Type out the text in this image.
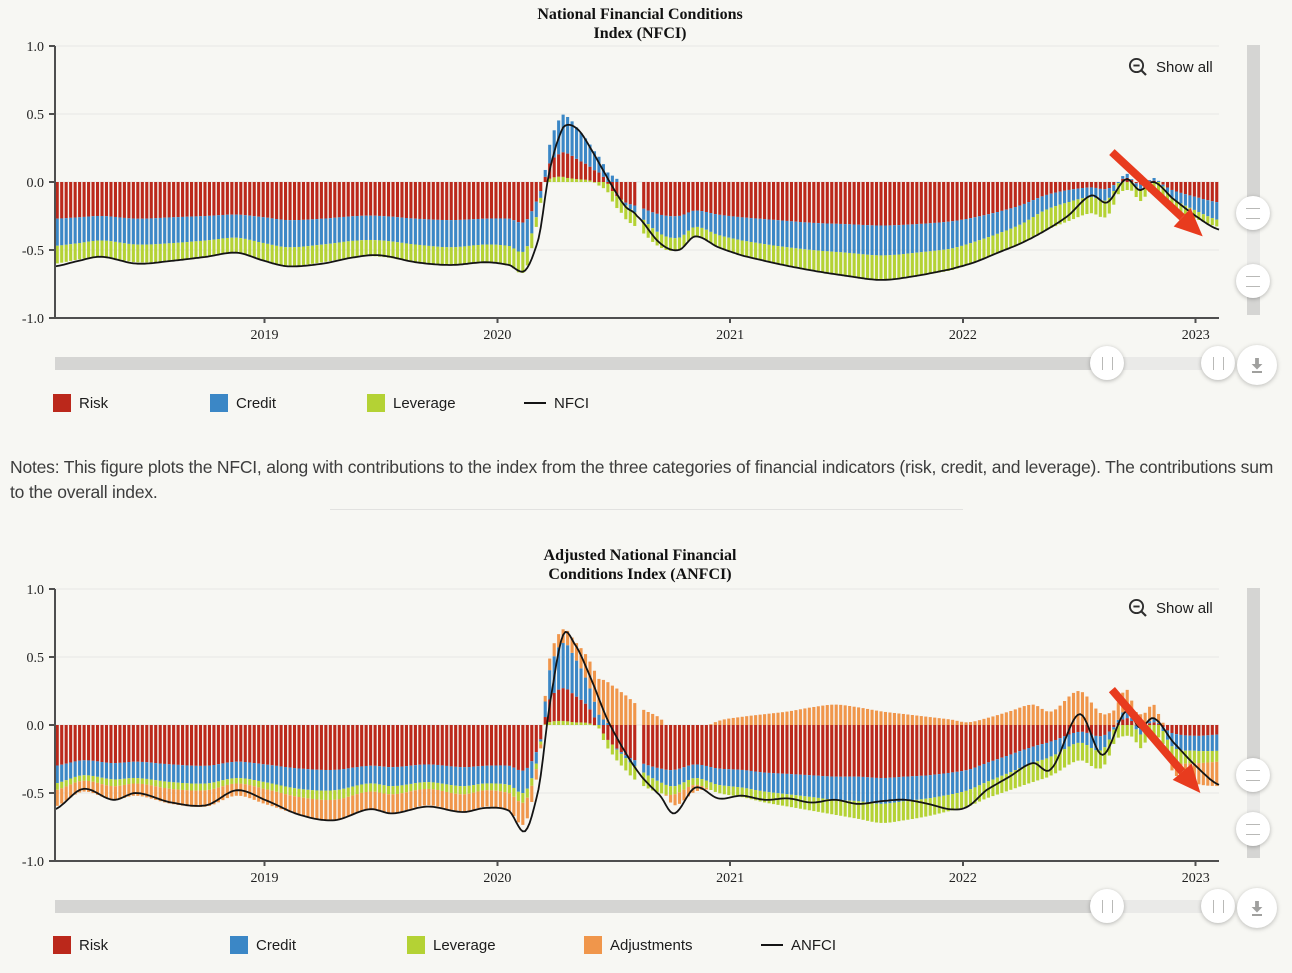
National Financial Conditions
Index (NFCI)
1.0
0.5
0.0
-0.5
-1.0
2019	2020	2021	2022	2023
Show all
Risk	Credit	Leverage	NFCI

Notes: This figure plots the NFCI, along with contributions to the index from the three categories of financial indicators (risk, credit, and leverage). The contributions sum to the overall index.

Adjusted National Financial
Conditions Index (ANFCI)
1.0
0.5
0.0
-0.5
-1.0
2019	2020	2021	2022	2023
Show all
Risk	Credit	Leverage	Adjustments	ANFCI
